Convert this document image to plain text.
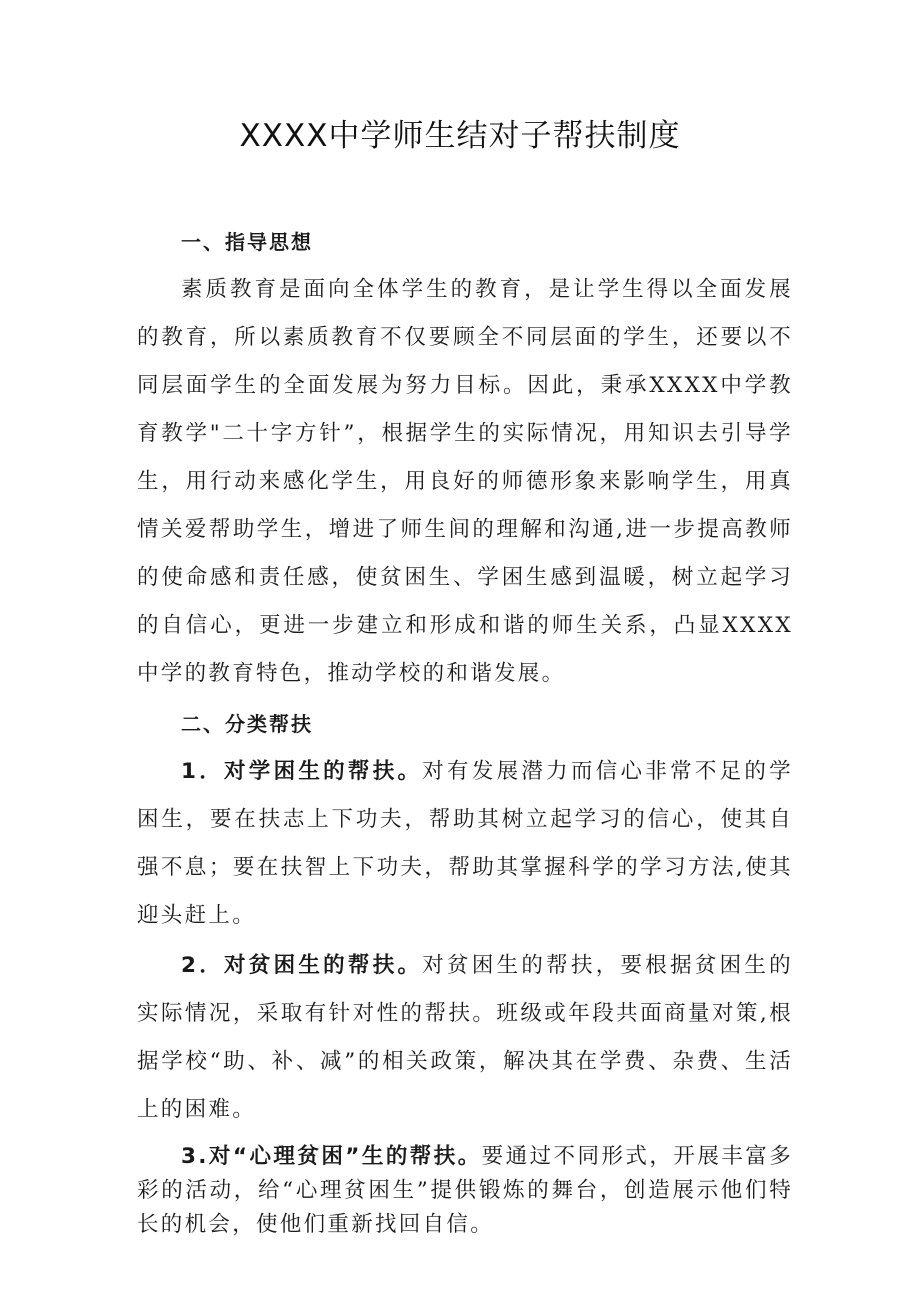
XXXX中学师生结对子帮扶制度

一、指导思想

素质教育是面向全体学生的教育，是让学生得以全面发展的教育，所以素质教育不仅要顾全不同层面的学生，还要以不同层面学生的全面发展为努力目标。因此，秉承XXXX中学教育教学"二十字方针”，根据学生的实际情况，用知识去引导学生，用行动来感化学生，用良好的师德形象来影响学生，用真情关爱帮助学生，增进了师生间的理解和沟通,进一步提高教师的使命感和责任感，使贫困生、学困生感到温暖，树立起学习的自信心，更进一步建立和形成和谐的师生关系，凸显XXXX中学的教育特色，推动学校的和谐发展。

二、分类帮扶

1．对学困生的帮扶。对有发展潜力而信心非常不足的学困生，要在扶志上下功夫，帮助其树立起学习的信心，使其自强不息；要在扶智上下功夫，帮助其掌握科学的学习方法,使其迎头赶上。

2．对贫困生的帮扶。对贫困生的帮扶，要根据贫困生的实际情况，采取有针对性的帮扶。班级或年段共面商量对策,根据学校“助、补、减”的相关政策，解决其在学费、杂费、生活上的困难。

3.对“心理贫困”生的帮扶。要通过不同形式，开展丰富多彩的活动，给“心理贫困生”提供锻炼的舞台，创造展示他们特长的机会，使他们重新找回自信。
